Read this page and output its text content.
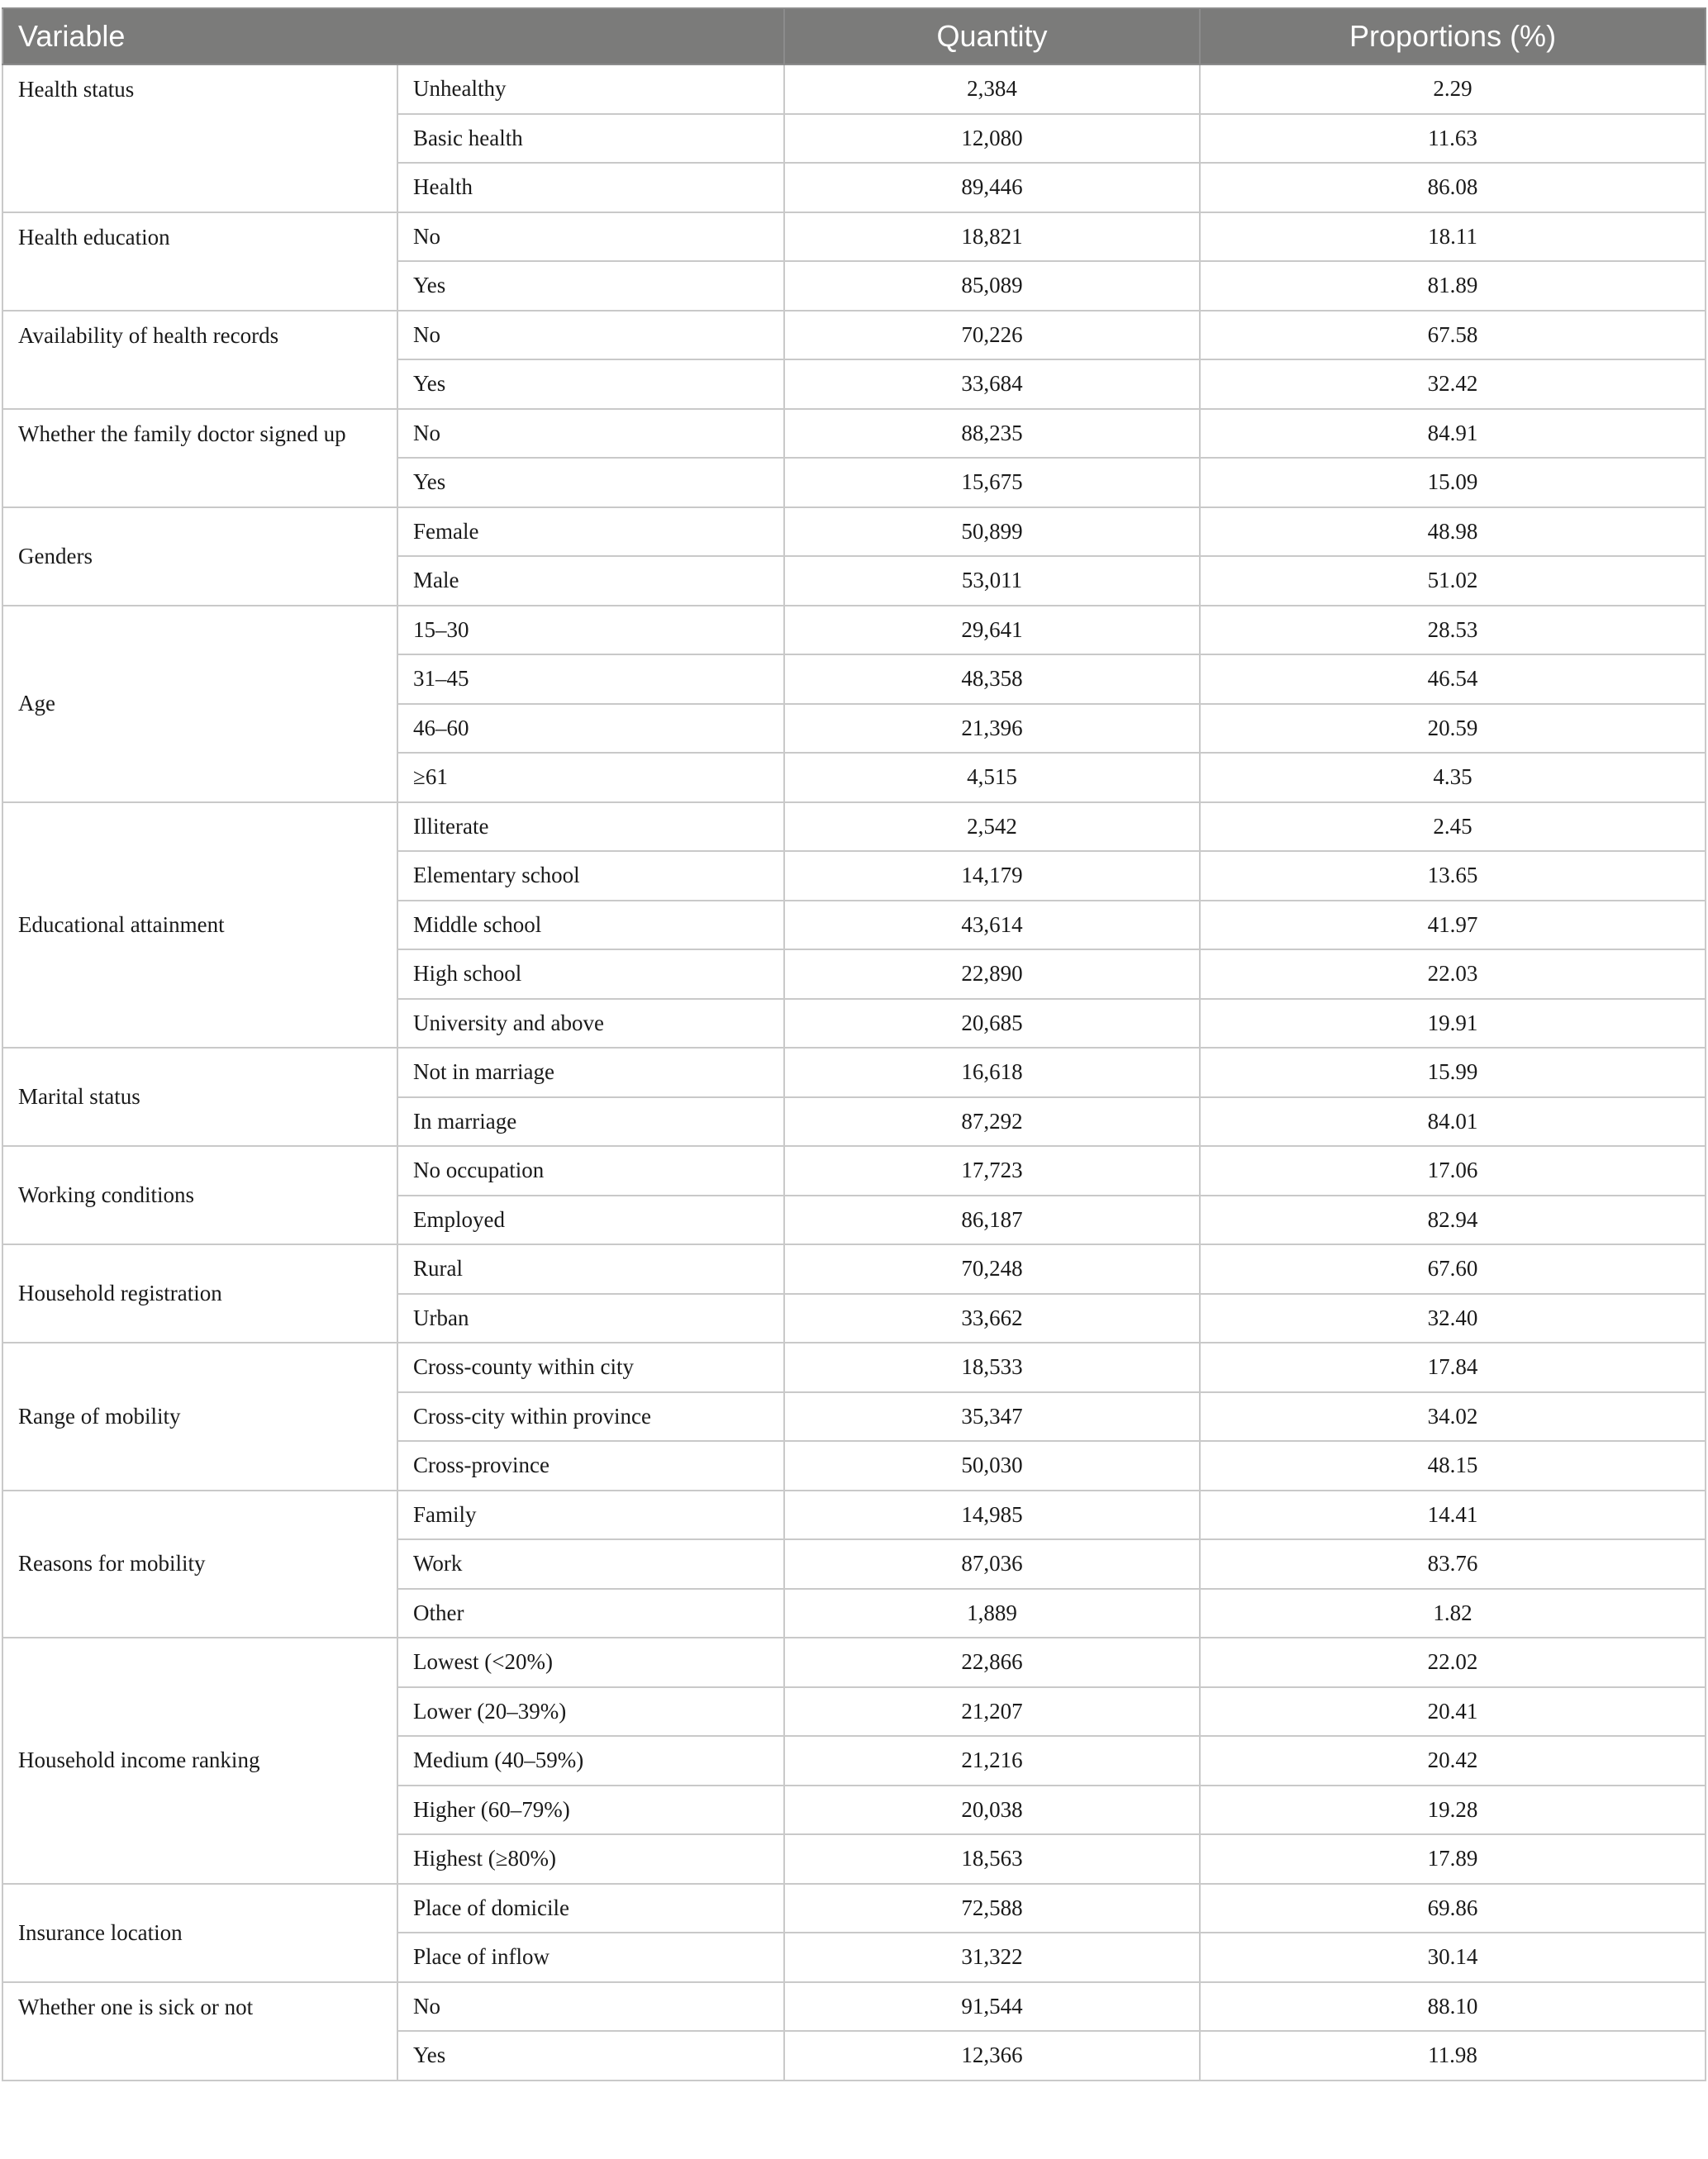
Variable		Quantity	Proportions (%)
Health status	Unhealthy	2,384	2.29
	Basic health	12,080	11.63
	Health	89,446	86.08
Health education	No	18,821	18.11
	Yes	85,089	81.89
Availability of health records	No	70,226	67.58
	Yes	33,684	32.42
Whether the family doctor signed up	No	88,235	84.91
	Yes	15,675	15.09
Genders	Female	50,899	48.98
	Male	53,011	51.02
Age	15–30	29,641	28.53
	31–45	48,358	46.54
	46–60	21,396	20.59
	≥61	4,515	4.35
Educational attainment	Illiterate	2,542	2.45
	Elementary school	14,179	13.65
	Middle school	43,614	41.97
	High school	22,890	22.03
	University and above	20,685	19.91
Marital status	Not in marriage	16,618	15.99
	In marriage	87,292	84.01
Working conditions	No occupation	17,723	17.06
	Employed	86,187	82.94
Household registration	Rural	70,248	67.60
	Urban	33,662	32.40
Range of mobility	Cross-county within city	18,533	17.84
	Cross-city within province	35,347	34.02
	Cross-province	50,030	48.15
Reasons for mobility	Family	14,985	14.41
	Work	87,036	83.76
	Other	1,889	1.82
Household income ranking	Lowest (<20%)	22,866	22.02
	Lower (20–39%)	21,207	20.41
	Medium (40–59%)	21,216	20.42
	Higher (60–79%)	20,038	19.28
	Highest (≥80%)	18,563	17.89
Insurance location	Place of domicile	72,588	69.86
	Place of inflow	31,322	30.14
Whether one is sick or not	No	91,544	88.10
	Yes	12,366	11.98
